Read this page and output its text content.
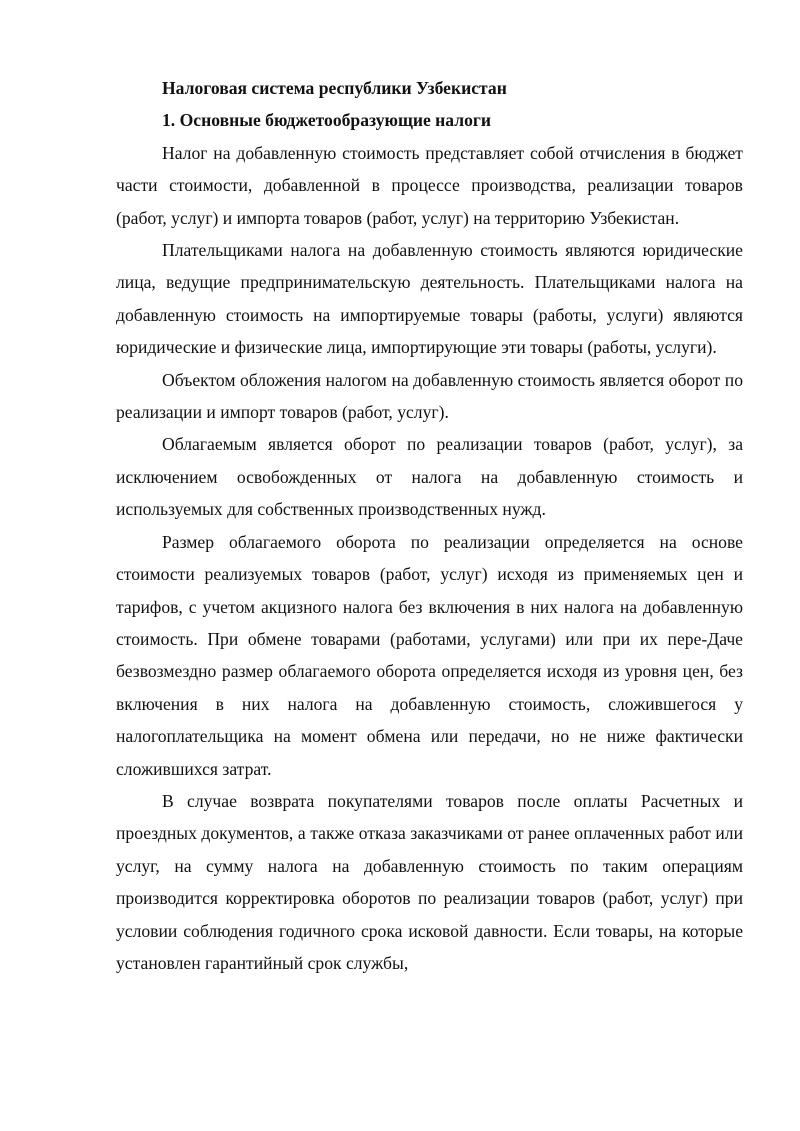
Налоговая система республики Узбекистан
1. Основные бюджетообразующие налоги

Налог на добавленную стоимость представляет собой отчисления в бюджет части стоимости, добавленной в процессе производства, реализации товаров (работ, услуг) и импорта товаров (работ, услуг) на территорию Узбекистан.

Плательщиками налога на добавленную стоимость являются юридические лица, ведущие предпринимательскую деятельность. Плательщиками налога на добавленную стоимость на импортируемые товары (работы, услуги) являются юридические и физические лица, импортирующие эти товары (работы, услуги).

Объектом обложения налогом на добавленную стоимость является оборот по реализации и импорт товаров (работ, услуг).

Облагаемым является оборот по реализации товаров (работ, услуг), за исключением освобожденных от налога на добавленную стоимость и используемых для собственных производственных нужд.

Размер облагаемого оборота по реализации определяется на основе стоимости реализуемых товаров (работ, услуг) исходя из применяемых цен и тарифов, с учетом акцизного налога без включения в них налога на добавленную стоимость. При обмене товарами (работами, услугами) или при их пере-Даче безвозмездно размер облагаемого оборота определяется исходя из уровня цен, без включения в них налога на добавленную стоимость, сложившегося у налогоплательщика на момент обмена или передачи, но не ниже фактически сложившихся затрат.

В случае возврата покупателями товаров после оплаты Расчетных и проездных документов, а также отказа заказчиками от ранее оплаченных работ или услуг, на сумму налога на добавленную стоимость по таким операциям производится корректировка оборотов по реализации товаров (работ, услуг) при условии соблюдения годичного срока исковой давности. Если товары, на которые установлен гарантийный срок службы,
